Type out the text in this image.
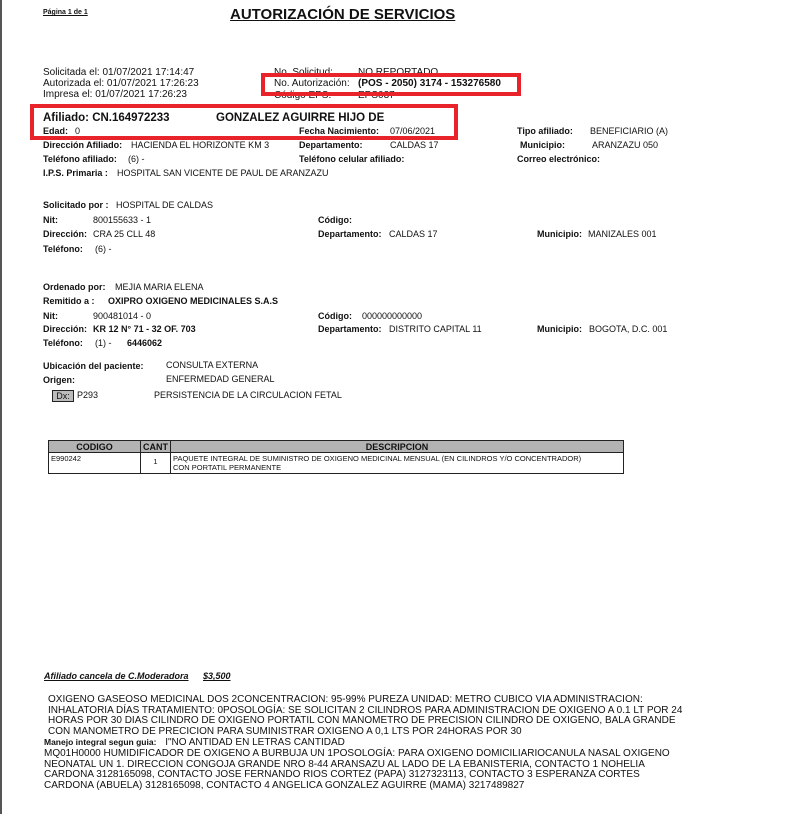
Página 1 de 1	AUTORIZACIÓN DE SERVICIOS
Solicitada el: 01/07/2021 17:14:47
Autorizada el: 01/07/2021 17:26:23
Impresa el: 01/07/2021 17:26:23
No. Solicitud:	NO REPORTADO
No. Autorización: (POS - 2050) 3174 - 153276580
Código EPS:	EPS037
Afiliado: CN.164972233	GONZALEZ AGUIRRE HIJO DE
Edad: 0	Fecha Nacimiento: 07/06/2021	Tipo afiliado: BENEFICIARIO (A)
Dirección Afiliado: HACIENDA EL HORIZONTE KM 3	Departamento:	CALDAS 17	Municipio:	ARANZAZU 050
Teléfono afiliado: (6) -	Teléfono celular afiliado:	Correo electrónico:
I.P.S. Primaria : HOSPITAL SAN VICENTE DE PAUL DE ARANZAZU
Solicitado por : HOSPITAL DE CALDAS
Nit:	800155633 - 1	Código:
Dirección: CRA 25 CLL 48	Departamento: CALDAS 17	Municipio: MANIZALES 001
Teléfono: (6) -
Ordenado por: MEJIA MARIA ELENA
Remitido a : OXIPRO OXIGENO MEDICINALES S.A.S
Nit:	900481014 - 0	Código: 000000000000
Dirección: KR 12 N° 71 - 32 OF. 703	Departamento: DISTRITO CAPITAL 11	Municipio: BOGOTA, D.C. 001
Teléfono: (1) - 6446062
Ubicación del paciente: CONSULTA EXTERNA
Origen:	ENFERMEDAD GENERAL
Dx: P293	PERSISTENCIA DE LA CIRCULACION FETAL
CODIGO	CANT	DESCRIPCION
E990242	1	PAQUETE INTEGRAL DE SUMINISTRO DE OXIGENO MEDICINAL MENSUAL (EN CILINDROS Y/O CONCENTRADOR)
CON PORTATIL PERMANENTE
Afiliado cancela de C.Moderadora $3,500
OXIGENO GASEOSO MEDICINAL DOS 2CONCENTRACION: 95-99% PUREZA UNIDAD: METRO CUBICO VIA ADMINISTRACION: INHALATORIA DÍAS TRATAMIENTO: 0POSOLOGÍA: SE SOLICITAN 2 CILINDROS PARA ADMINISTRACION DE OXIGENO A 0.1 LT POR 24 HORAS POR 30 DIAS CILINDRO DE OXIGENO PORTATIL CON MANOMETRO DE PRECISION CILINDRO DE OXIGENO, BALA GRANDE CON MANOMETRO DE PRECICION PARA SUMINISTRAR OXIGENO A 0,1 LTS POR 24HORAS POR 30
Manejo integral segun guia: I"NO ANTIDAD EN LETRAS CANTIDAD
MQ01H0000 HUMIDIFICADOR DE OXIGENO A BURBUJA UN 1POSOLOGÍA: PARA OXIGENO DOMICILIARIOCANULA NASAL OXIGENO NEONATAL UN 1. DIRECCION CONGOJA GRANDE NRO 8-44 ARANSAZU AL LADO DE LA EBANISTERIA, CONTACTO 1 NOHELIA CARDONA 3128165098, CONTACTO JOSE FERNANDO RIOS CORTEZ (PAPA) 3127323113, CONTACTO 3 ESPERANZA CORTES CARDONA (ABUELA) 3128165098, CONTACTO 4 ANGELICA GONZALEZ AGUIRRE (MAMA) 3217489827
